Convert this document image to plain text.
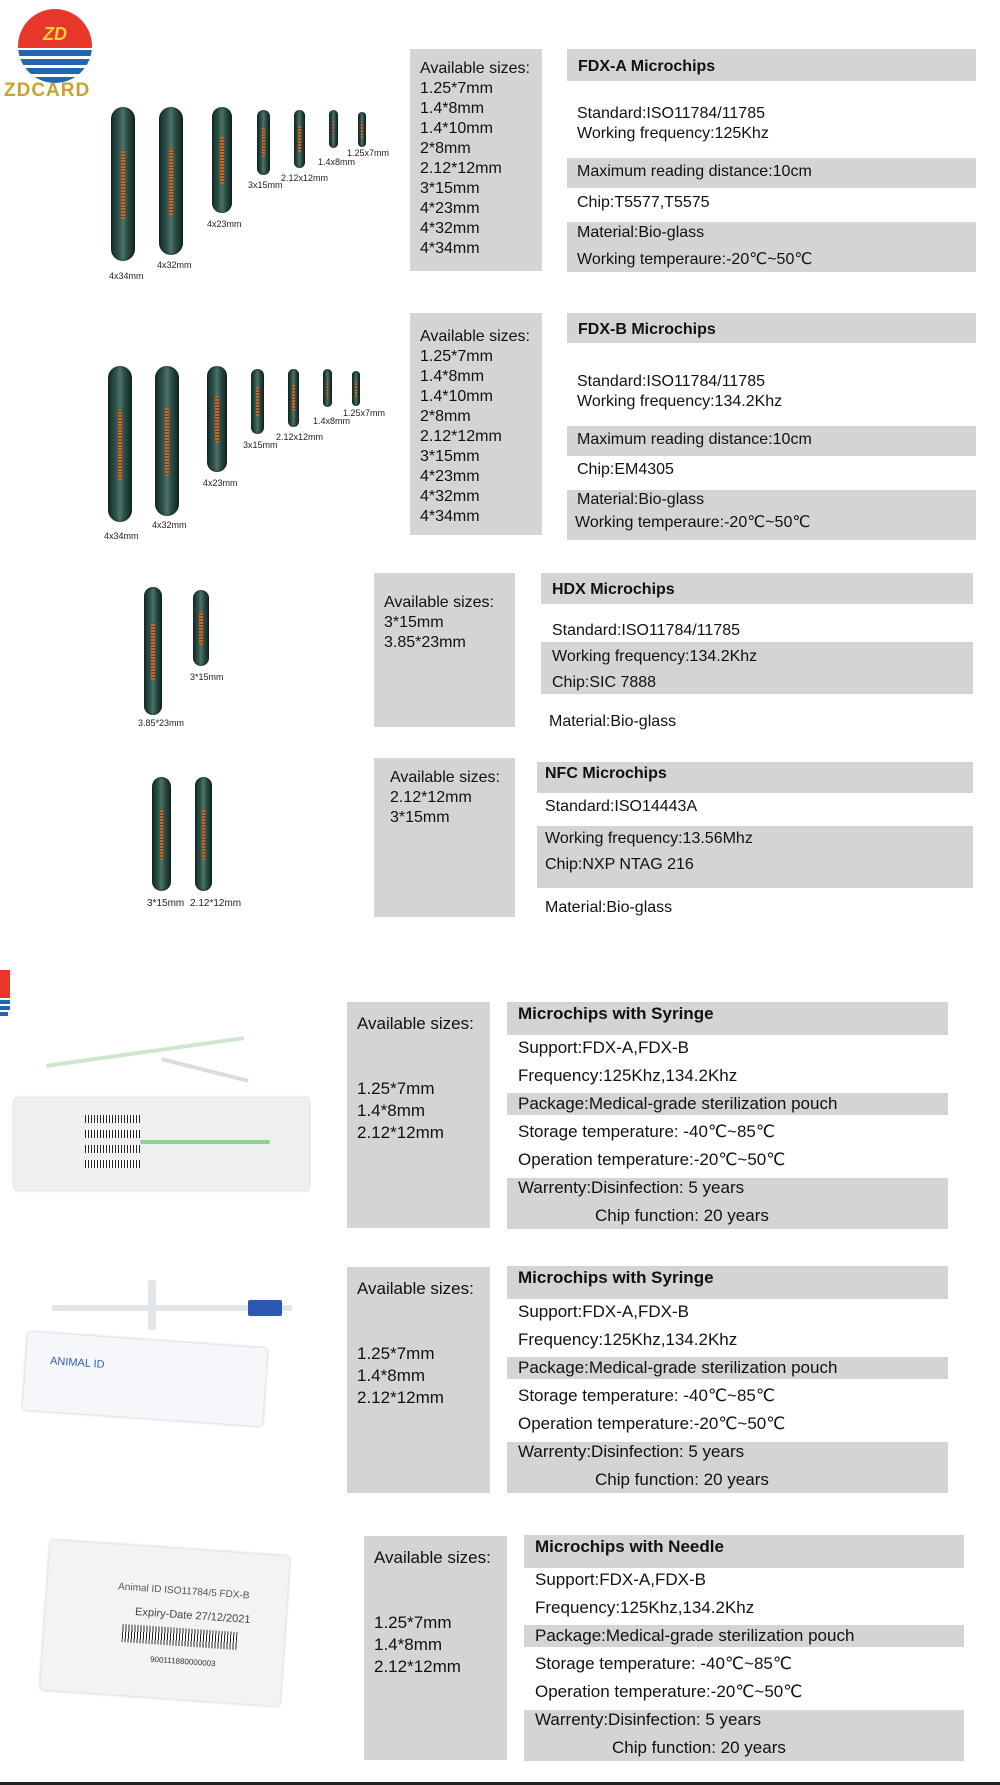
ZD
ZDCARD
4x34mm
4x32mm
4x23mm
3x15mm
2.12x12mm
1.4x8mm
1.25x7mm
Available sizes:
1.25*7mm
1.4*8mm
1.4*10mm
2*8mm
2.12*12mm
3*15mm
4*23mm
4*32mm
4*34mm
FDX-A Microchips
Standard:ISO11784/11785
Working frequency:125Khz
Maximum reading distance:10cm
Chip:T5577,T5575
Material:Bio-glass
Working temperaure:-20℃~50℃
4x34mm
4x32mm
4x23mm
3x15mm
2.12x12mm
1.4x8mm
1.25x7mm
Available sizes:
1.25*7mm
1.4*8mm
1.4*10mm
2*8mm
2.12*12mm
3*15mm
4*23mm
4*32mm
4*34mm
FDX-B Microchips
Standard:ISO11784/11785
Working frequency:134.2Khz
Maximum reading distance:10cm
Chip:EM4305
Material:Bio-glass
Working temperaure:-20℃~50℃
3.85*23mm
3*15mm
Available sizes:
3*15mm
3.85*23mm
HDX Microchips
Standard:ISO11784/11785
Working frequency:134.2Khz
Chip:SIC 7888
Material:Bio-glass
3*15mm 2.12*12mm
Available sizes:
2.12*12mm
3*15mm
NFC Microchips
Standard:ISO14443A
Working frequency:13.56Mhz
Chip:NXP NTAG 216
Material:Bio-glass
Available sizes:
1.25*7mm
1.4*8mm
2.12*12mm
Microchips with Syringe
Support:FDX-A,FDX-B
Frequency:125Khz,134.2Khz
Package:Medical-grade sterilization pouch
Storage temperature: -40℃~85℃
Operation temperature:-20℃~50℃
Warrenty:Disinfection: 5 years
Chip function: 20 years
ANIMAL ID
Available sizes:
1.25*7mm
1.4*8mm
2.12*12mm
Microchips with Syringe
Support:FDX-A,FDX-B
Frequency:125Khz,134.2Khz
Package:Medical-grade sterilization pouch
Storage temperature: -40℃~85℃
Operation temperature:-20℃~50℃
Warrenty:Disinfection: 5 years
Chip function: 20 years
Animal ID ISO11784/5 FDX-B
Expiry-Date 27/12/2021
900111880000003
Available sizes:
1.25*7mm
1.4*8mm
2.12*12mm
Microchips with Needle
Support:FDX-A,FDX-B
Frequency:125Khz,134.2Khz
Package:Medical-grade sterilization pouch
Storage temperature: -40℃~85℃
Operation temperature:-20℃~50℃
Warrenty:Disinfection: 5 years
Chip function: 20 years
